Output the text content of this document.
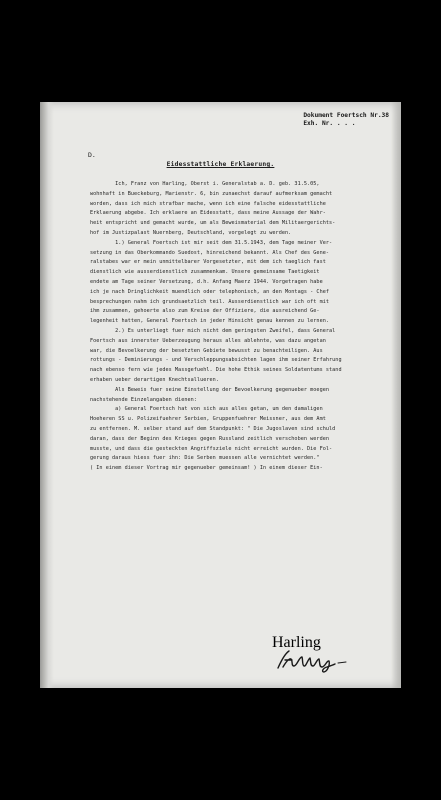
Dokument Foertsch Nr.38
Exh. Nr. . . .
D.
Eidesstattliche Erklaerung.
Ich, Franz von Harling, Oberst i. Generalstab a. D. geb. 31.5.05,
wohnhaft in Bueckeburg, Marienstr. 6, bin zunaechst darauf aufmerksam gemacht
worden, dass ich mich strafbar mache, wenn ich eine falsche eidesstattliche
Erklaerung abgebe. Ich erklaere an Eidesstatt, dass meine Aussage der Wahr-
heit entspricht und gemacht wurde, um als Beweismaterial dem Militaergerichts-
hof im Justizpalast Nuernberg, Deutschland, vorgelegt zu werden.
1.) General Foertsch ist mir seit dem 31.5.1943, dem Tage meiner Ver-
setzung in das Oberkommando Suedost, hinreichend bekannt. Als Chef des Gene-
ralstabes war er mein unmittelbarer Vorgesetzter, mit dem ich taeglich fast
dienstlich wie ausserdienstlich zusammenkam. Unsere gemeinsame Taetigkeit
endete am Tage seiner Versetzung, d.h. Anfang Maerz 1944. Vorgetragen habe
ich je nach Dringlichkeit muendlich oder telephonisch, an den Montags - Chef
besprechungen nahm ich grundsaetzlich teil. Ausserdienstlich war ich oft mit
ihm zusammen, gehoerte also zum Kreise der Offiziere, die ausreichend Ge-
legenheit hatten, General Foertsch in jeder Hinsicht genau kennen zu lernen.
2.) Es unterliegt fuer mich nicht dem geringsten Zweifel, dass General
Foertsch aus innerster Ueberzeugung heraus alles ablehnte, was dazu angetan
war, die Bevoelkerung der besetzten Gebiete bewusst zu benachteiligen. Aus
rottungs - Deminierungs - und Verschleppungsabsichten lagen ihm seiner Erfahrung
nach ebenso fern wie jedes Massgefuehl. Die hohe Ethik seines Soldatentums stand
erhaben ueber derartigen Knechtsallueren.
Als Beweis fuer seine Einstellung der Bevoelkerung gegenueber moegen
nachstehende Einzelangaben dienen:
a) General Foertsch hat von sich aus alles getan, um den damaligen
Hoeheren SS u. Polizeifuehrer Serbien, Gruppenfuehrer Meissner, aus dem Amt
zu entfernen. M. selber stand auf dem Standpunkt: " Die Jugoslaven sind schuld
daran, dass der Beginn des Krieges gegen Russland zeitlich verschoben werden
musste, und dass die gesteckten Angriffsziele nicht erreicht wurden. Die Fol-
gerung daraus hiess fuer ihn: Die Serben muessen alle vernichtet werden."
( In einem dieser Vortrag mir gegenueber gemeinsam! ) In einem dieser Ein-
Harling
